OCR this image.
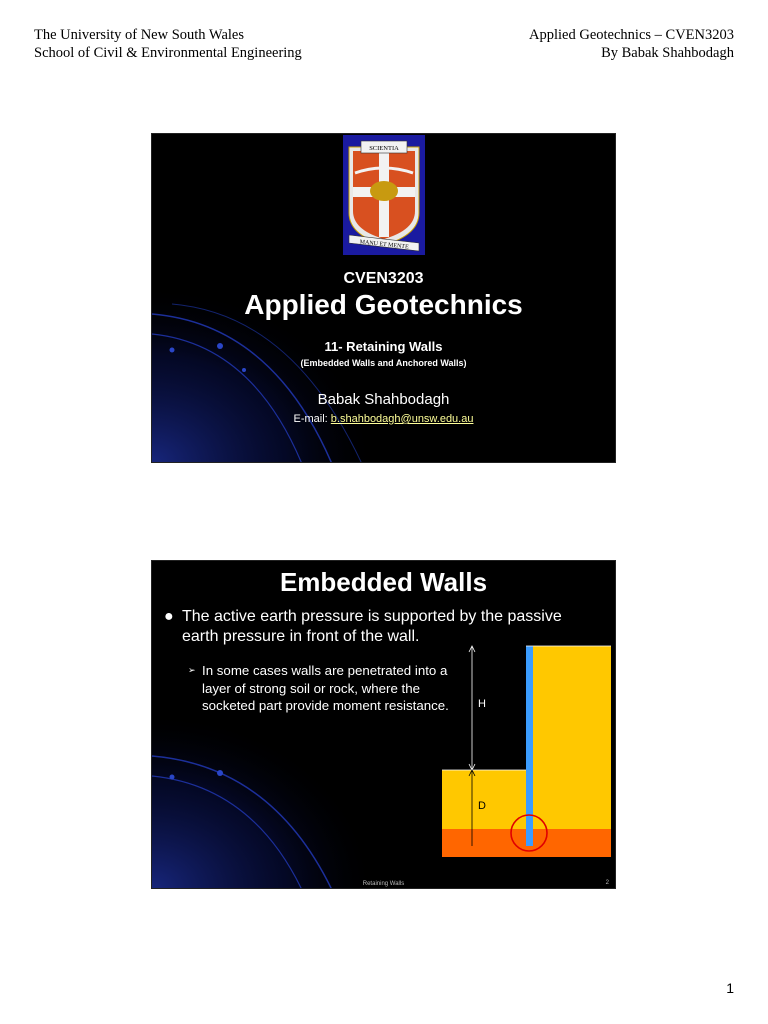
The University of New South Wales
School of Civil & Environmental Engineering
Applied Geotechnics – CVEN3203
By Babak Shahbodagh
SCIENTIA
MANU ET MENTE
CVEN3203
Applied Geotechnics
11- Retaining Walls
(Embedded Walls and Anchored Walls)
Babak Shahbodagh
E-mail: b.shahbodagh@unsw.edu.au
Embedded Walls
● The active earth pressure is supported by the passive earth pressure in front of the wall.
➢ In some cases walls are penetrated into a layer of strong soil or rock, where the socketed part provide moment resistance.	H
D
Retaining Walls	2
1
